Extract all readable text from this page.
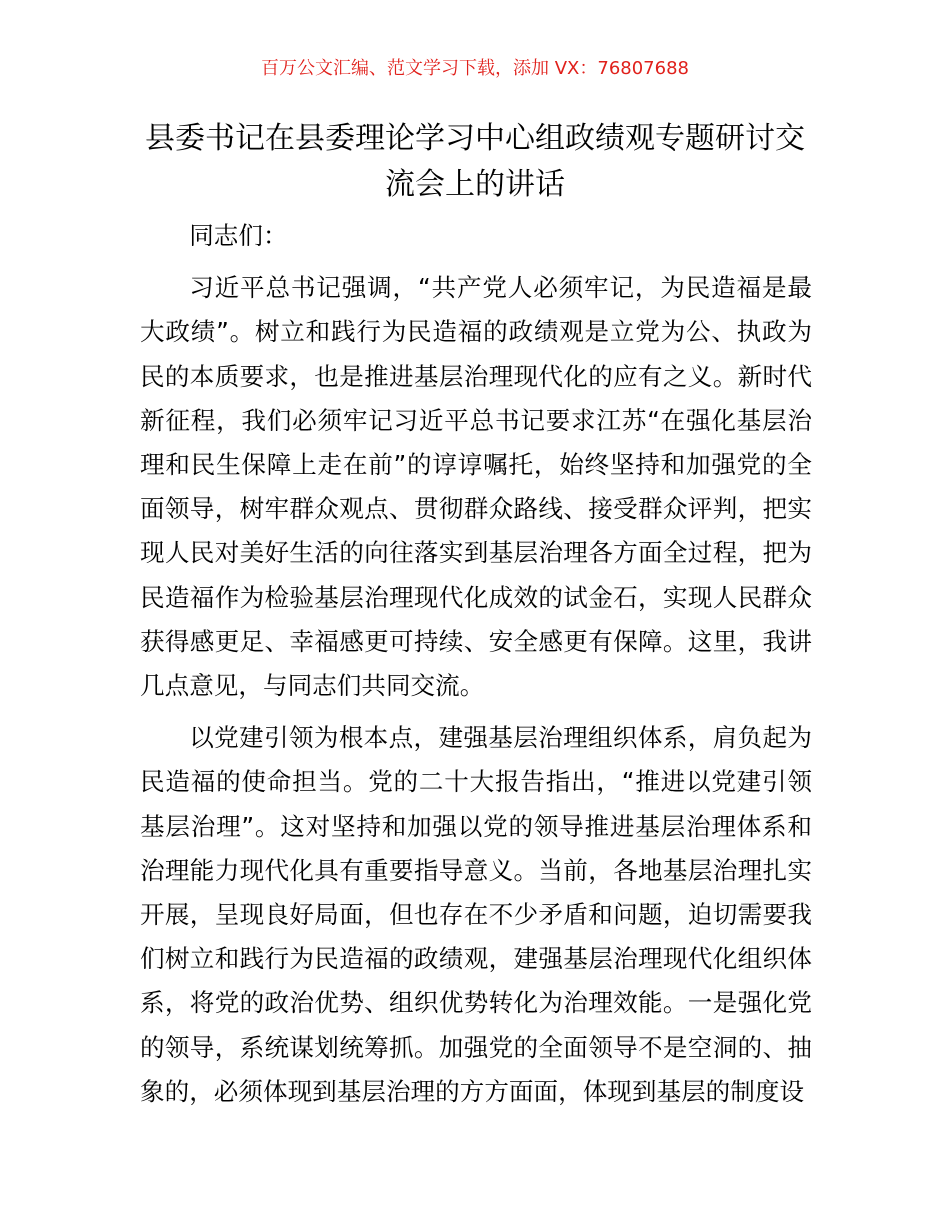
百万公文汇编、范文学习下载，添加 VX：76807688
县委书记在县委理论学习中心组政绩观专题研讨交流会上的讲话

同志们：

习近平总书记强调，“共产党人必须牢记，为民造福是最大政绩”。树立和践行为民造福的政绩观是立党为公、执政为民的本质要求，也是推进基层治理现代化的应有之义。新时代新征程，我们必须牢记习近平总书记要求江苏“在强化基层治理和民生保障上走在前”的谆谆嘱托，始终坚持和加强党的全面领导，树牢群众观点、贯彻群众路线、接受群众评判，把实现人民对美好生活的向往落实到基层治理各方面全过程，把为民造福作为检验基层治理现代化成效的试金石，实现人民群众获得感更足、幸福感更可持续、安全感更有保障。这里，我讲几点意见，与同志们共同交流。

以党建引领为根本点，建强基层治理组织体系，肩负起为民造福的使命担当。党的二十大报告指出，“推进以党建引领基层治理”。这对坚持和加强以党的领导推进基层治理体系和治理能力现代化具有重要指导意义。当前，各地基层治理扎实开展，呈现良好局面，但也存在不少矛盾和问题，迫切需要我们树立和践行为民造福的政绩观，建强基层治理现代化组织体系，将党的政治优势、组织优势转化为治理效能。一是强化党的领导，系统谋划统筹抓。加强党的全面领导不是空洞的、抽象的，必须体现到基层治理的方方面面，体现到基层的制度设
